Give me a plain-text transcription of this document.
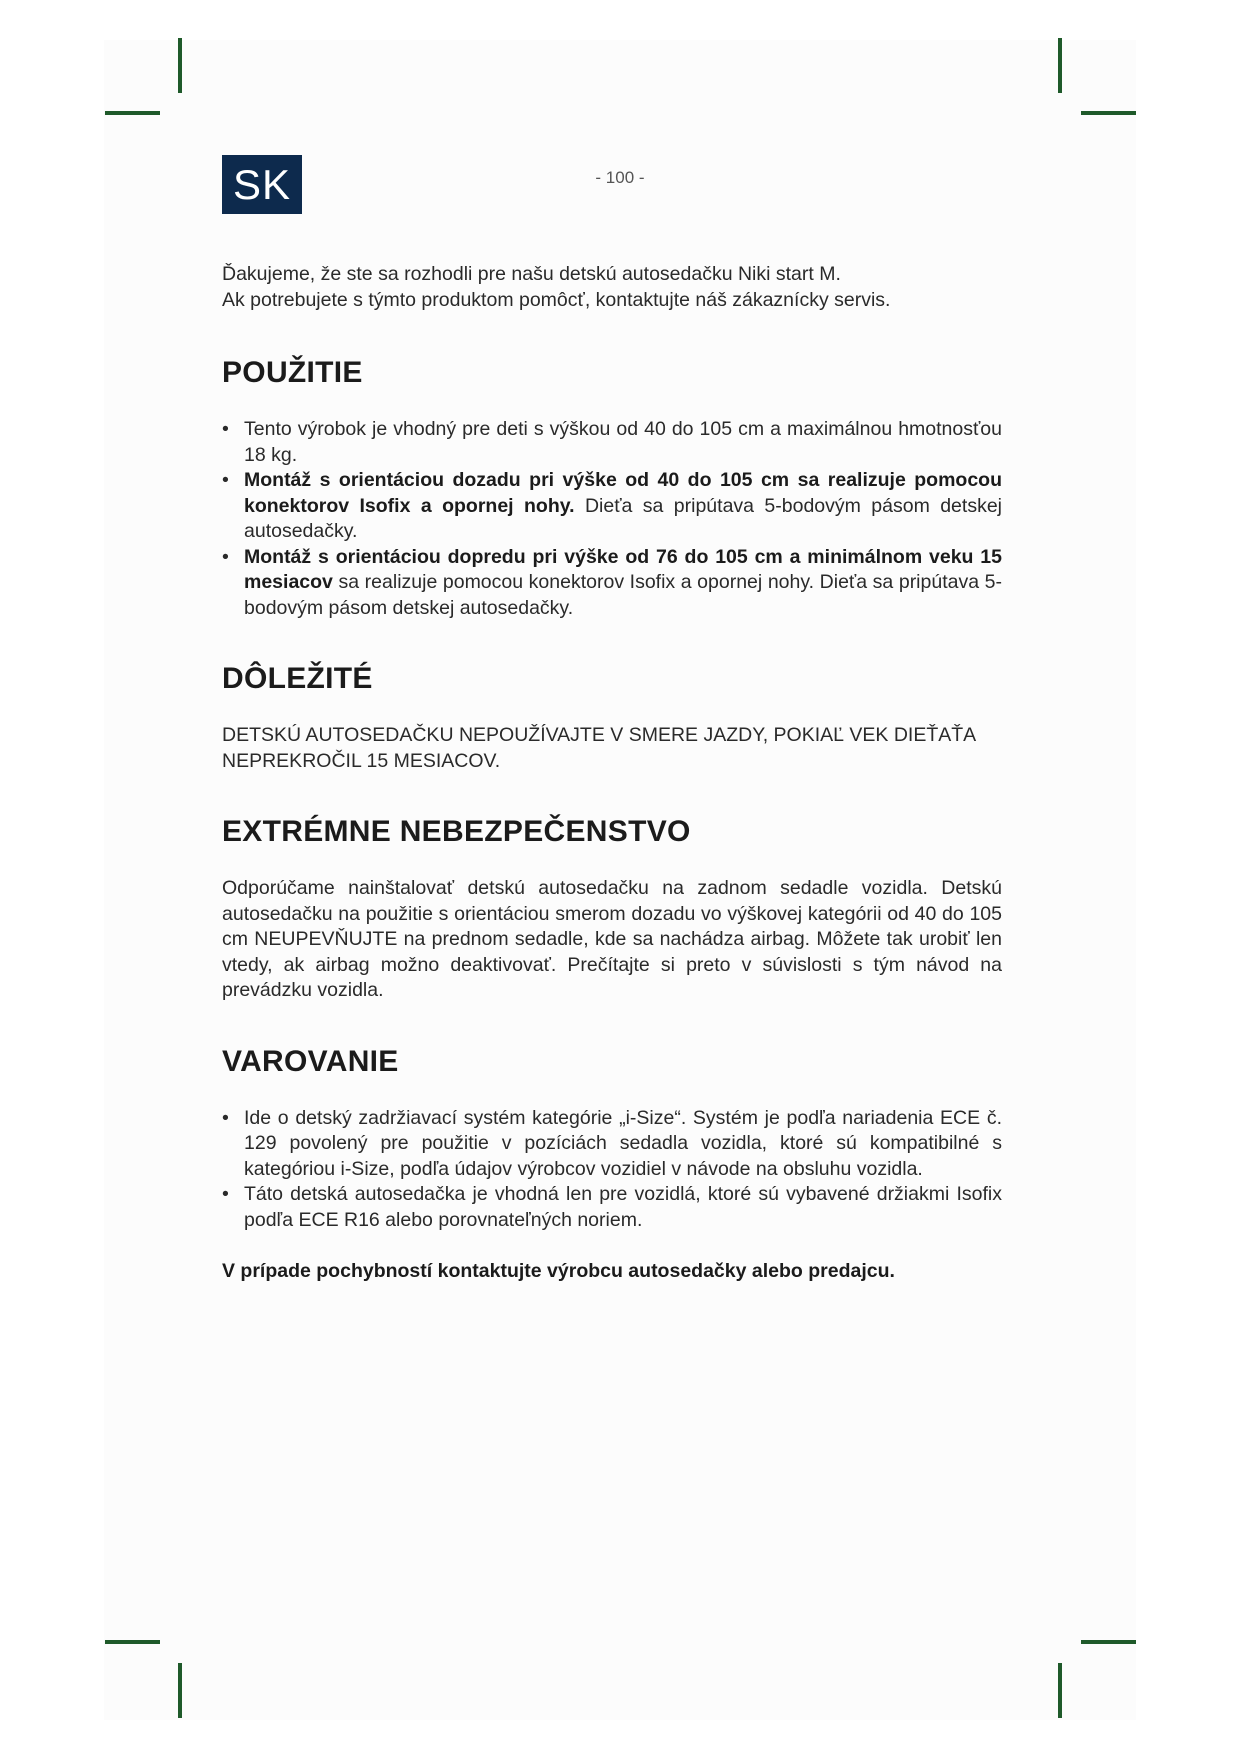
SK	- 100 -

Ďakujeme, že ste sa rozhodli pre našu detskú autosedačku Niki start M.

Ak potrebujete s týmto produktom pomôcť, kontaktujte náš zákaznícky servis.

POUŽITIE
• Tento výrobok je vhodný pre deti s výškou od 40 do 105 cm a maximálnou hmotnosťou 18 kg.
• Montáž s orientáciou dozadu pri výške od 40 do 105 cm sa realizuje pomocou konektorov Isofix a opornej nohy. Dieťa sa pripútava 5-bodovým pásom detskej autosedačky.
• Montáž s orientáciou dopredu pri výške od 76 do 105 cm a minimálnom veku 15 mesiacov sa realizuje pomocou konektorov Isofix a opornej nohy. Dieťa sa pripútava 5-bodovým pásom detskej autosedačky.
DÔLEŽITÉ

DETSKÚ AUTOSEDAČKU NEPOUŽÍVAJTE V SMERE JAZDY, POKIAĽ VEK DIEŤAŤA NEPREKROČIL 15 MESIACOV.

EXTRÉMNE NEBEZPEČENSTVO

Odporúčame nainštalovať detskú autosedačku na zadnom sedadle vozidla. Detskú autosedačku na použitie s orientáciou smerom dozadu vo výškovej kategórii od 40 do 105 cm NEUPEVŇUJTE na prednom sedadle, kde sa nachádza airbag. Môžete tak urobiť len vtedy, ak airbag možno deaktivovať. Prečítajte si preto v súvislosti s tým návod na prevádzku vozidla.

VAROVANIE
• Ide o detský zadržiavací systém kategórie „i-Size“. Systém je podľa nariadenia ECE č. 129 povolený pre použitie v pozíciách sedadla vozidla, ktoré sú kompatibilné s kategóriou i-Size, podľa údajov výrobcov vozidiel v návode na obsluhu vozidla.
• Táto detská autosedačka je vhodná len pre vozidlá, ktoré sú vybavené držiakmi Isofix podľa ECE R16 alebo porovnateľných noriem.

V prípade pochybností kontaktujte výrobcu autosedačky alebo predajcu.
